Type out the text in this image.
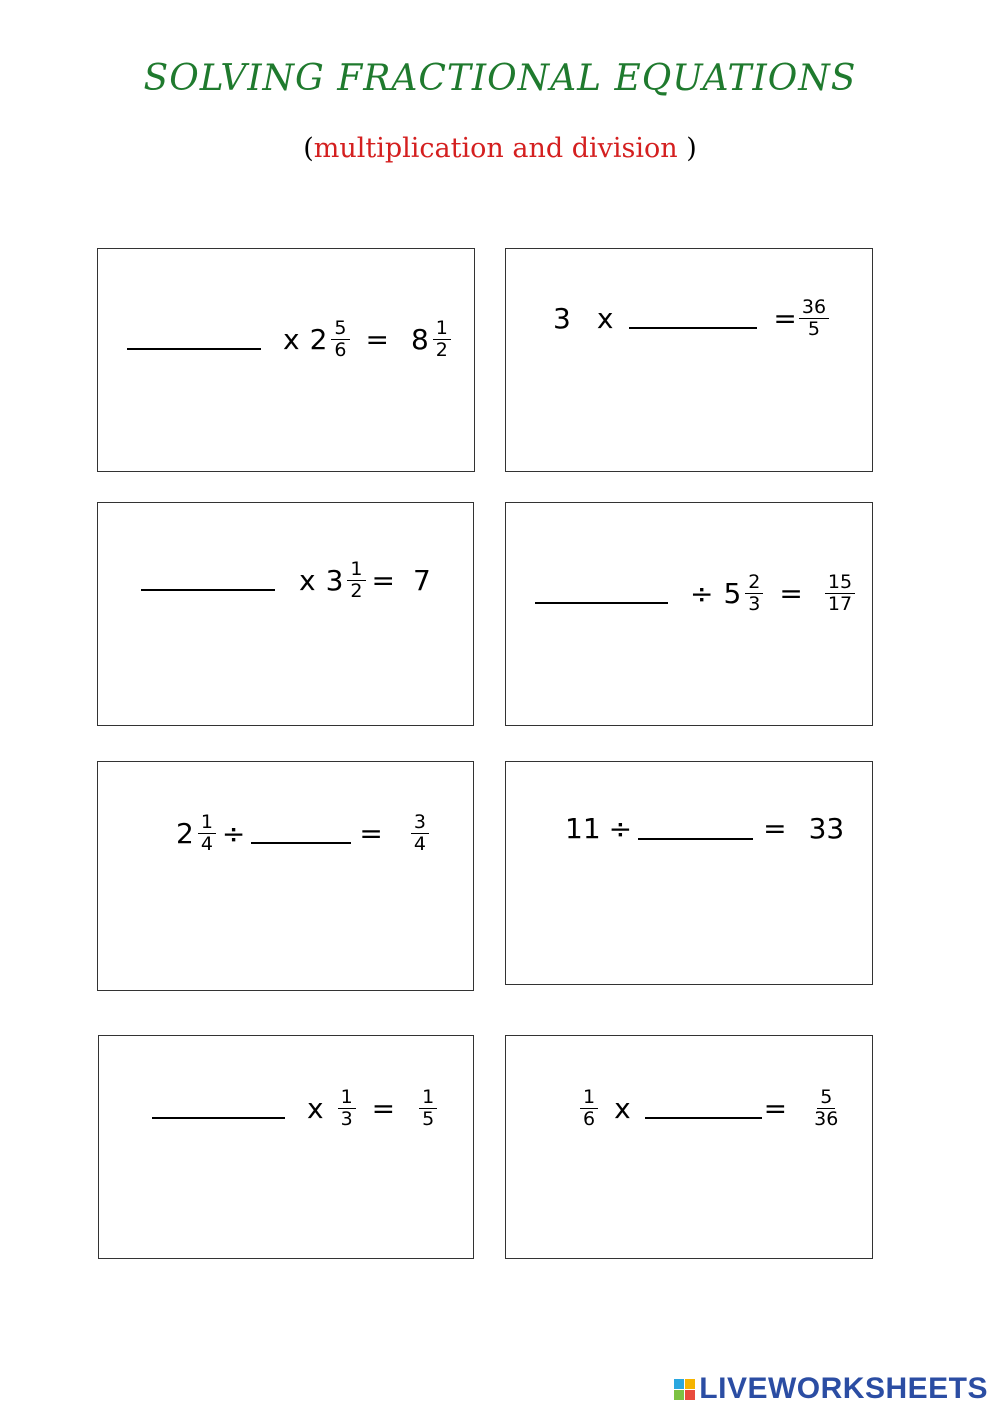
SOLVING FRACTIONAL EQUATIONS
(multiplication and division )
x $2 \frac{5}{6} = 8 \frac{1}{2}$	3 x	= $\frac{36}{5}$
x $3 \frac{1}{2} = 7$	÷ $5 \frac{2}{3} = \frac{15}{17}$
$2 \frac{1}{4}$ ÷	= $\frac{3}{4}$	11 ÷	= 33
x $\frac{1}{3} = \frac{1}{5}$	$\frac{1}{6}$ x	= $\frac{5}{36}$
LIVEWORKSHEETS
